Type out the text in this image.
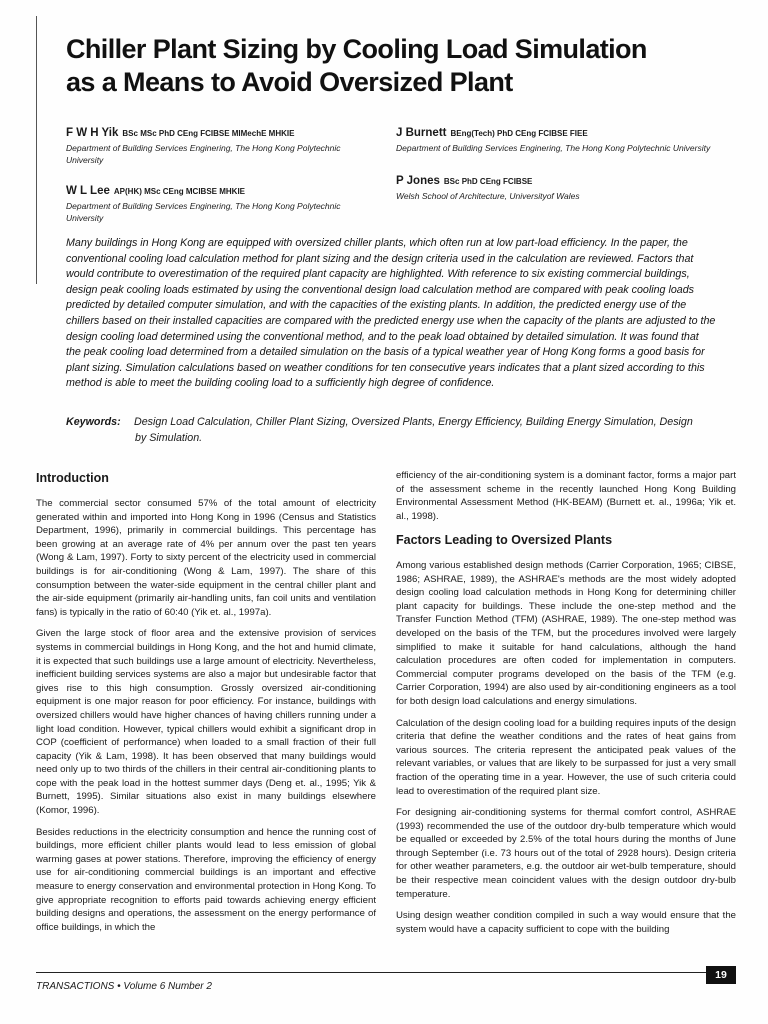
Chiller Plant Sizing by Cooling Load Simulation
as a Means to Avoid Oversized Plant
F W H Yik BSc MSc PhD CEng FCIBSE MIMechE MHKIE
Department of Building Services Enginering, The Hong Kong Polytechnic University
J Burnett BEng(Tech) PhD CEng FCIBSE FIEE
Department of Building Services Enginering, The Hong Kong Polytechnic University
P Jones BSc PhD CEng FCIBSE
Welsh School of Architecture, Universityof Wales
W L Lee AP(HK) MSc CEng MCIBSE MHKIE
Department of Building Services Enginering, The Hong Kong Polytechnic University

Many buildings in Hong Kong are equipped with oversized chiller plants, which often run at low part-load efficiency. In the paper, the conventional cooling load calculation method for plant sizing and the design criteria used in the calculation are reviewed. Factors that would contribute to overestimation of the required plant capacity are highlighted. With reference to six existing commercial buildings, design peak cooling loads estimated by using the conventional design load calculation method are compared with peak cooling loads predicted by detailed computer simulation, and with the capacities of the existing plants. In addition, the predicted energy use of the chillers based on their installed capacities are compared with the predicted energy use when the capacity of the plants are adjusted to the design cooling load determined using the conventional method, and to the peak load obtained by detailed simulation. It was found that the peak cooling load determined from a detailed simulation on the basis of a typical weather year of Hong Kong forms a good basis for plant sizing. Simulation calculations based on weather conditions for ten consecutive years indicates that a plant sized according to this method is able to meet the building cooling load to a sufficiently high degree of confidence.

Keywords: Design Load Calculation, Chiller Plant Sizing, Oversized Plants, Energy Efficiency, Building Energy Simulation, Design
by Simulation.
Introduction

The commercial sector consumed 57% of the total amount of electricity generated within and imported into Hong Kong in 1996 (Census and Statistics Department, 1996), primarily in commercial buildings. This percentage has been growing at an average rate of 4% per annum over the past ten years (Wong & Lam, 1997). Forty to sixty percent of the electricity used in commercial buildings is for air-conditioning (Wong & Lam, 1997). The share of this consumption between the water-side equipment in the central chiller plant and the air-side equipment (primarily air-handling units, fan coil units and ventilation fans) is typically in the ratio of 60:40 (Yik et. al., 1997a).

Given the large stock of floor area and the extensive provision of services systems in commercial buildings in Hong Kong, and the hot and humid climate, it is expected that such buildings use a large amount of electricity. Nevertheless, inefficient building services systems are also a major but undesirable factor that gives rise to this high consumption. Grossly oversized air-conditioning equipment is one major reason for poor efficiency. For instance, buildings with oversized chillers would have higher chances of having chillers running under a light load condition. However, typical chillers would exhibit a significant drop in COP (coefficient of performance) when loaded to a small fraction of their full capacity (Yik & Lam, 1998). It has been observed that many buildings would need only up to two thirds of the chillers in their central air-conditioning plants to cope with the peak load in the hottest summer days (Deng et. al., 1995; Yik & Burnett, 1995). Similar situations also exist in many buildings elsewhere (Komor, 1996).

Besides reductions in the electricity consumption and hence the running cost of buildings, more efficient chiller plants would lead to less emission of global warming gases at power stations. Therefore, improving the efficiency of energy use for air-conditioning commercial buildings is an important and effective measure to energy conservation and environmental protection in Hong Kong. To give appropriate recognition to efforts paid towards achieving energy efficient building designs and operations, the assessment on the energy performance of office buildings, in which the

efficiency of the air-conditioning system is a dominant factor, forms a major part of the assessment scheme in the recently launched Hong Kong Building Environmental Assessment Method (HK-BEAM) (Burnett et. al., 1996a; Yik et. al., 1998).

Factors Leading to Oversized Plants

Among various established design methods (Carrier Corporation, 1965; CIBSE, 1986; ASHRAE, 1989), the ASHRAE's methods are the most widely adopted design cooling load calculation methods in Hong Kong for determining chiller plant capacity for buildings. These include the one-step method and the Transfer Function Method (TFM) (ASHRAE, 1989). The one-step method was developed on the basis of the TFM, but the procedures involved were largely simplified to make it suitable for hand calculations, although the hand calculation procedures are often coded for implementation in computers. Commercial computer programs developed on the basis of the TFM (e.g. Carrier Corporation, 1994) are also used by air-conditioning engineers as a tool for both design load calculations and energy simulations.

Calculation of the design cooling load for a building requires inputs of the design criteria that define the weather conditions and the rates of heat gains from various sources. The criteria represent the anticipated peak values of the relevant variables, or values that are likely to be surpassed for just a very small fraction of the operating time in a year. However, the use of such criteria could lead to overestimation of the required plant size.

For designing air-conditioning systems for thermal comfort control, ASHRAE (1993) recommended the use of the outdoor dry-bulb temperature which would be equalled or exceeded by 2.5% of the total hours during the months of June through September (i.e. 73 hours out of the total of 2928 hours). Design criteria for other weather parameters, e.g. the outdoor air wet-bulb temperature, should be their respective mean coincident values with the design outdoor dry-bulb temperature.

Using design weather condition compiled in such a way would ensure that the system would have a capacity sufficient to cope with the building

TRANSACTIONS • Volume 6 Number 2
19
